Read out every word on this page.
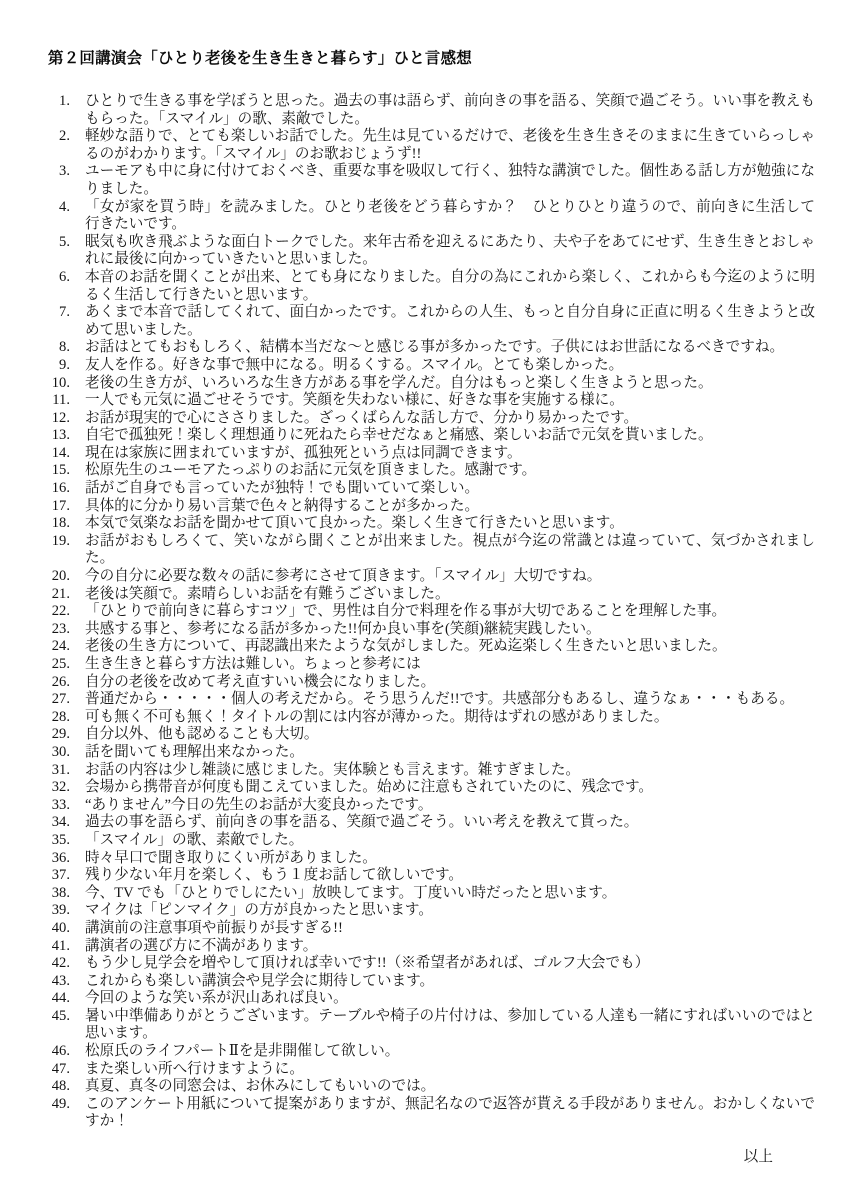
第２回講演会「ひとり老後を生き生きと暮らす」ひと言感想
1. ひとりで生きる事を学ぼうと思った。過去の事は語らず、前向きの事を語る、笑顔で過ごそう。いい事を教えももらった。「スマイル」の歌、素敵でした。
2. 軽妙な語りで、とても楽しいお話でした。先生は見ているだけで、老後を生き生きそのままに生きていらっしゃるのがわかります。「スマイル」のお歌おじょうず!!
3. ユーモアも中に身に付けておくべき、重要な事を吸収して行く、独特な講演でした。個性ある話し方が勉強になりました。
4. 「女が家を買う時」を読みました。ひとり老後をどう暮らすか？　ひとりひとり違うので、前向きに生活して　行きたいです。
5. 眠気も吹き飛ぶような面白トークでした。来年古希を迎えるにあたり、夫や子をあてにせず、生き生きとおしゃれに最後に向かっていきたいと思いました。
6. 本音のお話を聞くことが出来、とても身になりました。自分の為にこれから楽しく、これからも今迄のように明るく生活して行きたいと思います。
7. あくまで本音で話してくれて、面白かったです。これからの人生、もっと自分自身に正直に明るく生きようと改めて思いました。
8. お話はとてもおもしろく、結構本当だな～と感じる事が多かったです。子供にはお世話になるべきですね。
9. 友人を作る。好きな事で無中になる。明るくする。スマイル。とても楽しかった。
10. 老後の生き方が、いろいろな生き方がある事を学んだ。自分はもっと楽しく生きようと思った。
11. 一人でも元気に過ごせそうです。笑顔を失わない様に、好きな事を実施する様に。
12. お話が現実的で心にささりました。ざっくばらんな話し方で、分かり易かったです。
13. 自宅で孤独死！楽しく理想通りに死ねたら幸せだなぁと痛感、楽しいお話で元気を貰いました。
14. 現在は家族に囲まれていますが、孤独死という点は同調できます。
15. 松原先生のユーモアたっぷりのお話に元気を頂きました。感謝です。
16. 話がご自身でも言っていたが独特！でも聞いていて楽しい。
17. 具体的に分かり易い言葉で色々と納得することが多かった。
18. 本気で気楽なお話を聞かせて頂いて良かった。楽しく生きて行きたいと思います。
19. お話がおもしろくて、笑いながら聞くことが出来ました。視点が今迄の常識とは違っていて、気づかされました。
20. 今の自分に必要な数々の話に参考にさせて頂きます。「スマイル」大切ですね。
21. 老後は笑顔で。素晴らしいお話を有難うございました。
22. 「ひとりで前向きに暮らすコツ」で、男性は自分で料理を作る事が大切であることを理解した事。
23. 共感する事と、参考になる話が多かった!!何か良い事を(笑顔)継続実践したい。
24. 老後の生き方について、再認識出来たような気がしました。死ぬ迄楽しく生きたいと思いました。
25. 生き生きと暮らす方法は難しい。ちょっと参考には
26. 自分の老後を改めて考え直すいい機会になりました。
27. 普通だから・・・・・個人の考えだから。そう思うんだ!!です。共感部分もあるし、違うなぁ・・・もある。
28. 可も無く不可も無く！タイトルの割には内容が薄かった。期待はずれの感がありました。
29. 自分以外、他も認めることも大切。
30. 話を聞いても理解出来なかった。
31. お話の内容は少し雑談に感じました。実体験とも言えます。雑すぎました。
32. 会場から携帯音が何度も聞こえていました。始めに注意もされていたのに、残念です。
33. “ありません”今日の先生のお話が大変良かったです。
34. 過去の事を語らず、前向きの事を語る、笑顔で過ごそう。いい考えを教えて貰った。
35. 「スマイル」の歌、素敵でした。
36. 時々早口で聞き取りにくい所がありました。
37. 残り少ない年月を楽しく、もう１度お話して欲しいです。
38. 今、TV でも「ひとりでしにたい」放映してます。丁度いい時だったと思います。
39. マイクは「ピンマイク」の方が良かったと思います。
40. 講演前の注意事項や前振りが長すぎる!!
41. 講演者の選び方に不満があります。
42. もう少し見学会を増やして頂ければ幸いです!!（※希望者があれば、ゴルフ大会でも）
43. これからも楽しい講演会や見学会に期待しています。
44. 今回のような笑い系が沢山あれば良い。
45. 暑い中準備ありがとうございます。テーブルや椅子の片付けは、参加している人達も一緒にすればいいのではと思います。
46. 松原氏のライフパートⅡを是非開催して欲しい。
47. また楽しい所へ行けますように。
48. 真夏、真冬の同窓会は、お休みにしてもいいのでは。
49. このアンケート用紙について提案がありますが、無記名なので返答が貰える手段がありません。おかしくないですか！
以上
